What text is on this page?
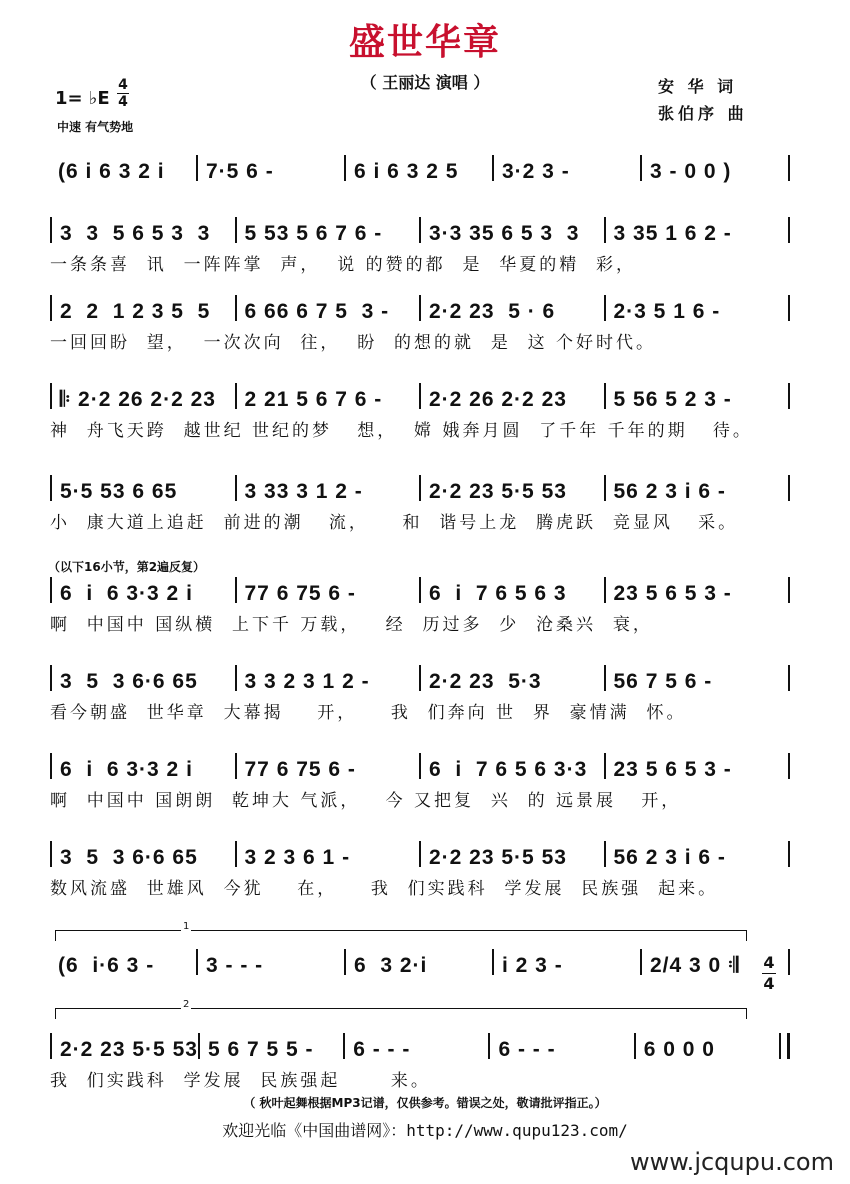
盛世华章
（ 王丽达 演唱 ）	安 华 词
张伯序 曲
1= ♭E
4
4
中速 有气势地
(6 i 6 3 2 i	7·5 6 -	6 i 6 3 2 5	3·2 3 -	3 - 0 0 )
3  3  5 6 5 3  3	5 53 5 6 7 6 -	3·3 35 6 5 3  3	3 35 1 6 2 -
一条条喜  讯  一阵阵掌  声，  说 的赞的都  是  华夏的精  彩，
2  2  1 2 3 5  5	6 66 6 7 5  3 -	2·2 23  5 · 6	2·3 5 1 6 -
一回回盼  望，  一次次向  往，  盼  的想的就  是  这 个好时代。
𝄆 2·2 26 2·2 23	2 21 5 6 7 6 -	2·2 26 2·2 23	5 56 5 2 3 -
神  舟飞天跨  越世纪 世纪的梦   想，  嫦 娥奔月圆  了千年 千年的期   待。
5·5 53 6 65	3 33 3 1 2 -	2·2 23 5·5 53	56 2 3 i 6 -
小  康大道上追赶  前进的潮   流，    和  谐号上龙  腾虎跃  竞显风   采。
6  i  6 3·3 2 i	77 6 75 6 -	6  i  7 6 5 6 3	23 5 6 5 3 -
啊  中国中 国纵横  上下千 万载，   经  历过多  少  沧桑兴  衰，
3  5  3 6·6 65	3 3 2 3 1 2 -	2·2 23  5·3	56 7 5 6 -
看今朝盛  世华章  大幕揭    开，    我  们奔向 世  界  豪情满  怀。
6  i  6 3·3 2 i	77 6 75 6 -	6  i  7 6 5 6 3·3	23 5 6 5 3 -
啊  中国中 国朗朗  乾坤大 气派，   今 又把复  兴  的 远景展   开，
3  5  3 6·6 65	3 2 3 6 1 -	2·2 23 5·5 53	56 2 3 i 6 -
数风流盛  世雄风  今犹    在，    我  们实践科  学发展  民族强  起来。
(6  i·6 3 -	3 - - -	6  3 2·i	i 2 3 -	2/4 3 0 𝄇
2·2 23 5·5 53 5 6 7 5 5 -	6 - - -	6 - - -	6 0 0 0
我  们实践科  学发展  民族强起      来。
（以下16小节，第2遍反复）
1
2
4
4
（ 秋叶起舞根据MP3记谱，仅供参考。错误之处，敬请批评指正。）
欢迎光临《中国曲谱网》：http://www.qupu123.com/
www.jcqupu.com
